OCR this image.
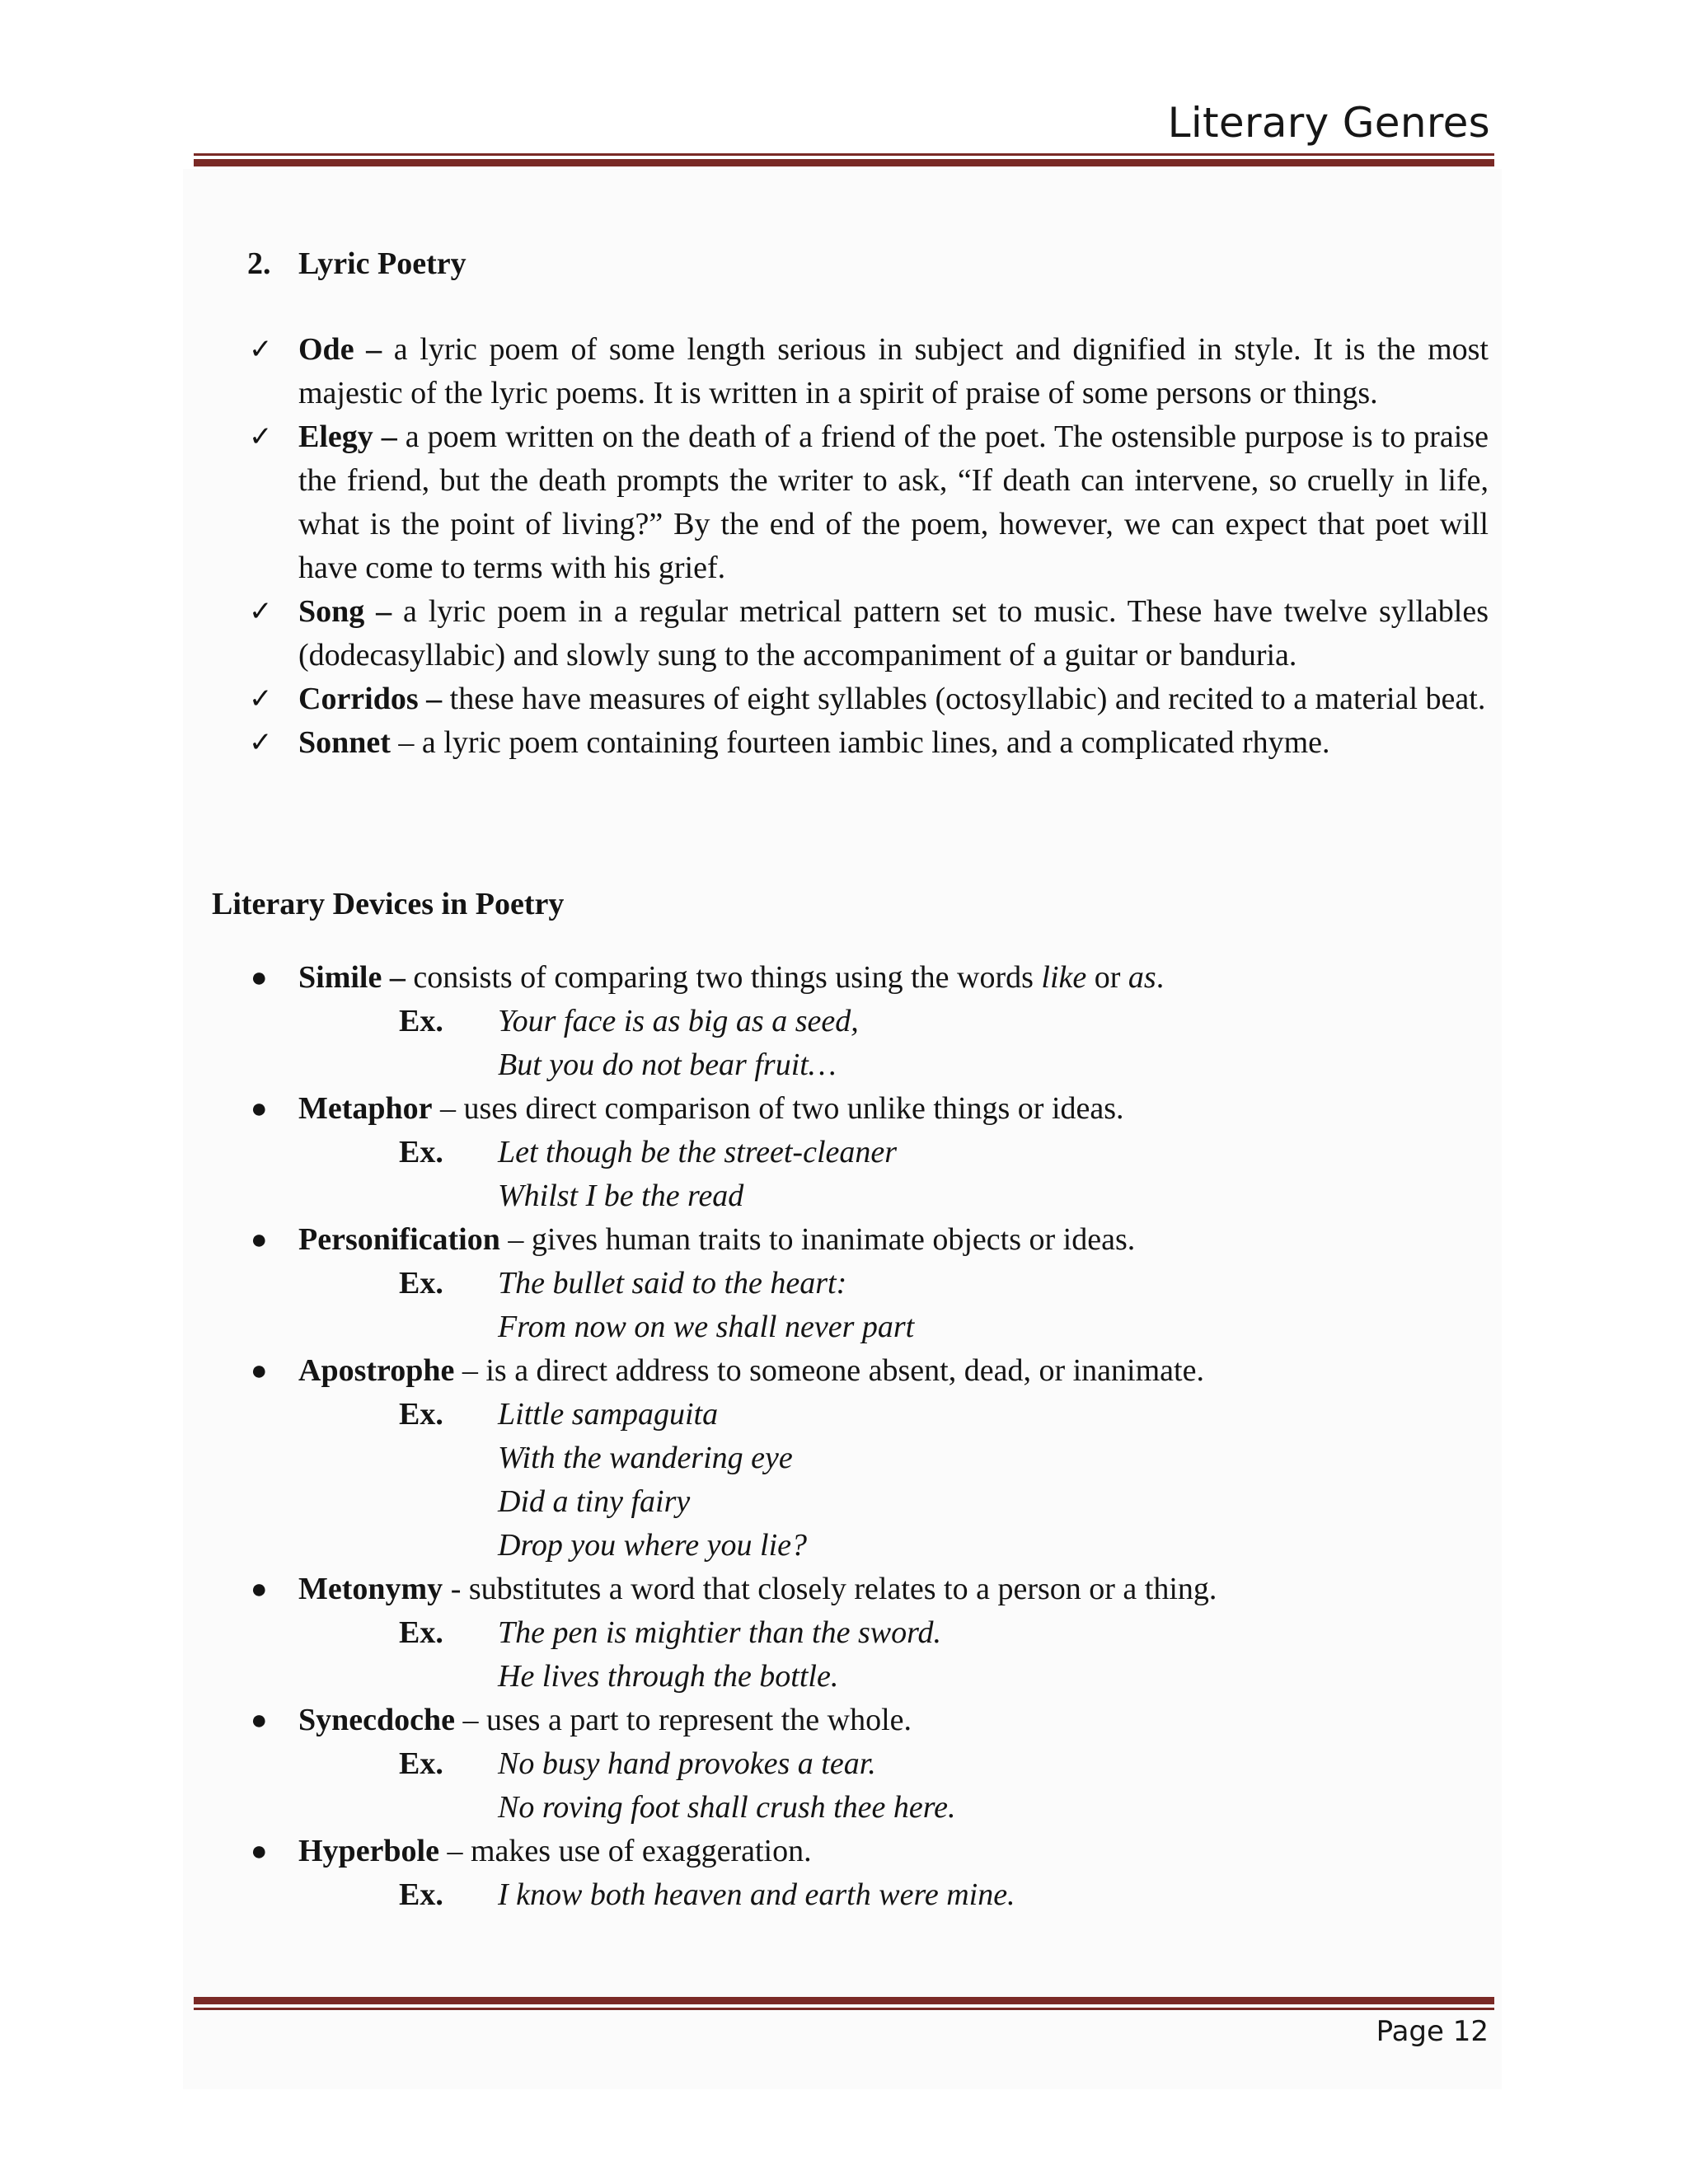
Literary Genres
2. Lyric Poetry
✓ Ode – a lyric poem of some length serious in subject and dignified in style. It is the most majestic of the lyric poems. It is written in a spirit of praise of some persons or things.
✓ Elegy – a poem written on the death of a friend of the poet. The ostensible purpose is to praise the friend, but the death prompts the writer to ask, “If death can intervene, so cruelly in life, what is the point of living?” By the end of the poem, however, we can expect that poet will have come to terms with his grief.
✓ Song – a lyric poem in a regular metrical pattern set to music. These have twelve syllables (dodecasyllabic) and slowly sung to the accompaniment of a guitar or banduria.
✓ Corridos – these have measures of eight syllables (octosyllabic) and recited to a material beat.
✓ Sonnet – a lyric poem containing fourteen iambic lines, and a complicated rhyme.
Literary Devices in Poetry
● Simile – consists of comparing two things using the words like or as.
Ex.	Your face is as big as a seed,
But you do not bear fruit…
● Metaphor – uses direct comparison of two unlike things or ideas.
Ex.	Let though be the street-cleaner
Whilst I be the read
● Personification – gives human traits to inanimate objects or ideas.
Ex.	The bullet said to the heart:
From now on we shall never part
● Apostrophe – is a direct address to someone absent, dead, or inanimate.
Ex.	Little sampaguita
With the wandering eye
Did a tiny fairy
Drop you where you lie?
● Metonymy - substitutes a word that closely relates to a person or a thing.
Ex.	The pen is mightier than the sword.
He lives through the bottle.
● Synecdoche – uses a part to represent the whole.
Ex.	No busy hand provokes a tear.
No roving foot shall crush thee here.
● Hyperbole – makes use of exaggeration.
Ex.	I know both heaven and earth were mine.
Page 12
